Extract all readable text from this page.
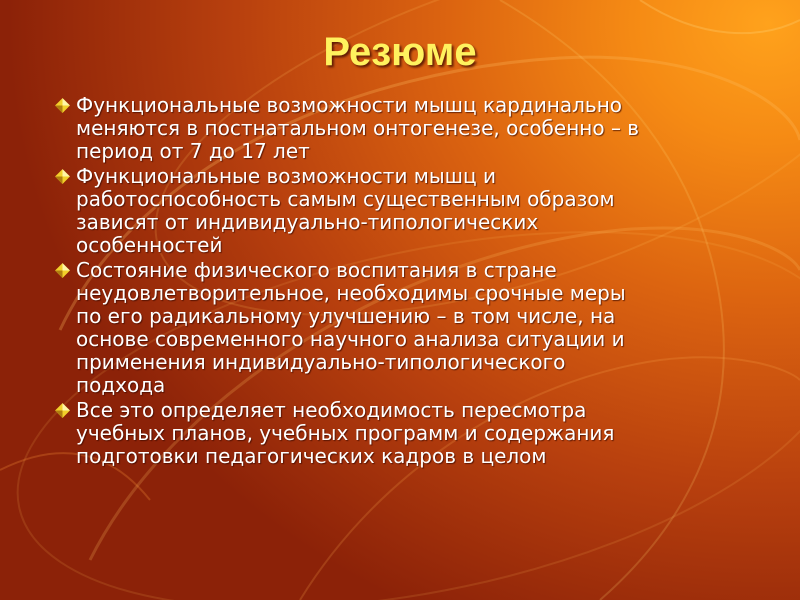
Резюме
Функциональные возможности мышц кардинально
меняются в постнатальном онтогенезе, особенно – в
период от 7 до 17 лет
Функциональные возможности мышц и
работоспособность самым существенным образом
зависят от индивидуально-типологических
особенностей
Состояние физического воспитания в стране
неудовлетворительное, необходимы срочные меры
по его радикальному улучшению – в том числе, на
основе современного научного анализа ситуации и
применения индивидуально-типологического
подхода
Все это определяет необходимость пересмотра
учебных планов, учебных программ и содержания
подготовки педагогических кадров в целом
